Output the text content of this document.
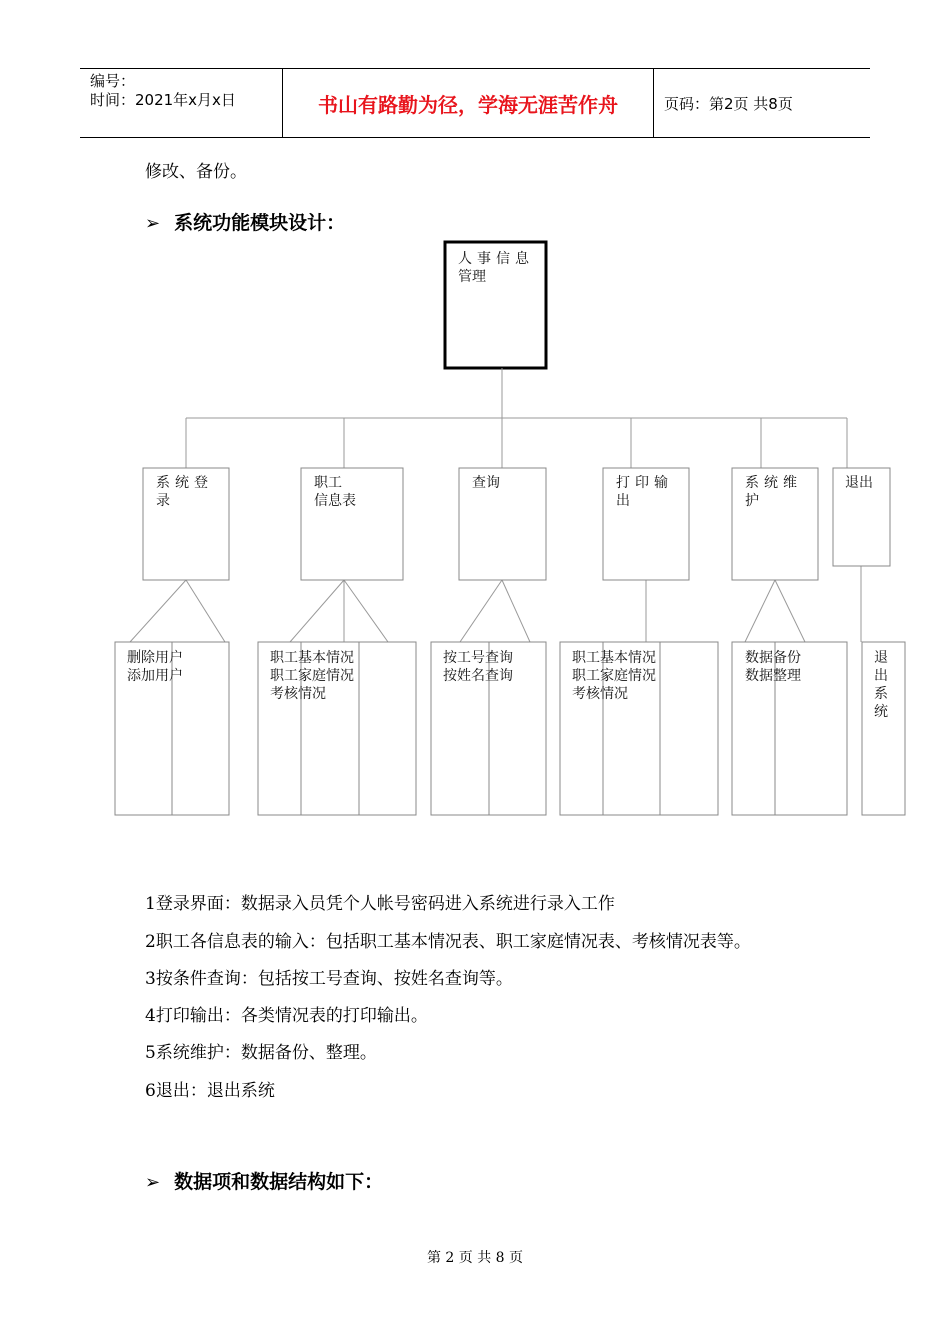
编号：
时间：2021年x月x日	书山有路勤为径，学海无涯苦作舟	页码：第2页 共8页
修改、备份。
➢ 系统功能模块设计：
人事信息
管理
系统登
录
职工
信息表
查询	打印输
出
系统维
护
退出
删除用户
添加用户
职工基本情况
职工家庭情况
考核情况
按工号查询
按姓名查询
职工基本情况
职工家庭情况
考核情况
数据备份
数据整理
退
出
系
统
1登录界面：数据录入员凭个人帐号密码进入系统进行录入工作
2职工各信息表的输入：包括职工基本情况表、职工家庭情况表、考核情况表等。
3按条件查询：包括按工号查询、按姓名查询等。
4打印输出：各类情况表的打印输出。
5系统维护：数据备份、整理。
6退出：退出系统
➢ 数据项和数据结构如下：
第 2 页 共 8 页
